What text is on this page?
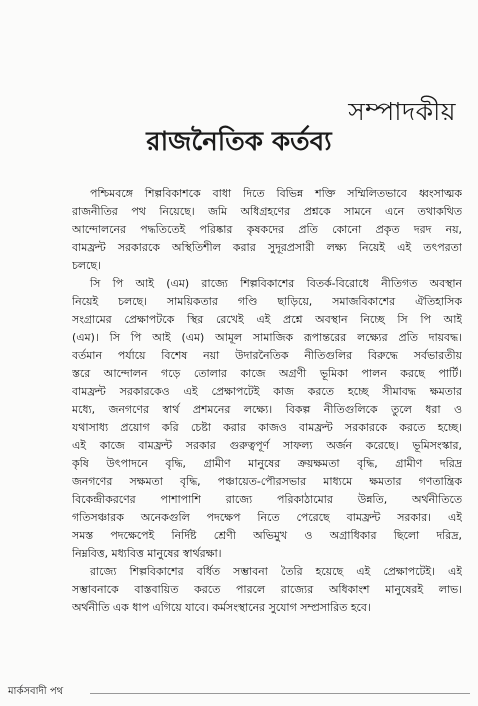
সম্পাদকীয়
রাজনৈতিক কর্তব্য

পশ্চিমবঙ্গে শিল্পবিকাশকে বাধা দিতে বিভিন্ন শক্তি সম্মিলিতভাবে ধ্বংসাত্মক
রাজনীতির পথ নিয়েছে। জমি অধিগ্রহণের প্রশ্নকে সামনে এনে তথাকথিত
আন্দোলনের পদ্ধতিতেই পরিষ্কার কৃষকদের প্রতি কোনো প্রকৃত দরদ নয়,
বামফ্রন্ট সরকারকে অস্থিতিশীল করার সুদূরপ্রসারী লক্ষ্য নিয়েই এই তৎপরতা
চলছে।

সি পি আই (এম) রাজ্যে শিল্পবিকাশের বিতর্ক-বিরোধে নীতিগত অবস্থান
নিয়েই চলছে। সাময়িকতার গণ্ডি ছাড়িয়ে, সমাজবিকাশের ঐতিহাসিক
সংগ্রামের প্রেক্ষাপটকে স্থির রেখেই এই প্রশ্নে অবস্থান নিচ্ছে সি পি আই
(এম)। সি পি আই (এম) আমূল সামাজিক রূপান্তরের লক্ষ্যের প্রতি দায়বদ্ধ।
বর্তমান পর্যায়ে বিশেষ নয়া উদারনৈতিক নীতিগুলির বিরুদ্ধে সর্বভারতীয়
স্তরে আন্দোলন গড়ে তোলার কাজে অগ্রণী ভূমিকা পালন করছে পার্টি।
বামফ্রন্ট সরকারকেও এই প্রেক্ষাপটেই কাজ করতে হচ্ছে সীমাবদ্ধ ক্ষমতার
মধ্যে, জনগণের স্বার্থ প্রশমনের লক্ষ্যে। বিকল্প নীতিগুলিকে তুলে ধরা ও
যথাসাধ্য প্রয়োগ করি চেষ্টা করার কাজও বামফ্রন্ট সরকারকে করতে হচ্ছে।
এই কাজে বামফ্রন্ট সরকার গুরুত্বপূর্ণ সাফল্য অর্জন করেছে। ভূমিসংস্কার,
কৃষি উৎপাদনে বৃদ্ধি, গ্রামীণ মানুষের ক্রয়ক্ষমতা বৃদ্ধি, গ্রামীণ দরিদ্র
জনগণের সক্ষমতা বৃদ্ধি, পঞ্চায়েত-পৌরসভার মাধ্যমে ক্ষমতার গণতান্ত্রিক
বিকেন্দ্রীকরণের পাশাপাশি রাজ্যে পরিকাঠামোর উন্নতি, অর্থনীতিতে
গতিসঞ্চারক অনেকগুলি পদক্ষেপ নিতে পেরেছে বামফ্রন্ট সরকার। এই
সমস্ত পদক্ষেপেই নির্দিষ্ট শ্রেণী অভিমুখ ও অগ্রাধিকার ছিলো দরিদ্র,
নিম্নবিত্ত, মধ্যবিত্ত মানুষের স্বার্থরক্ষা।

রাজ্যে শিল্পবিকাশের বর্ধিত সম্ভাবনা তৈরি হয়েছে এই প্রেক্ষাপটেই। এই
সম্ভাবনাকে বাস্তবায়িত করতে পারলে রাজ্যের অধিকাংশ মানুষেরই লাভ।
অর্থনীতি এক ধাপ এগিয়ে যাবে। কর্মসংস্থানের সুযোগ সম্প্রসারিত হবে।

মার্কসবাদী পথ
